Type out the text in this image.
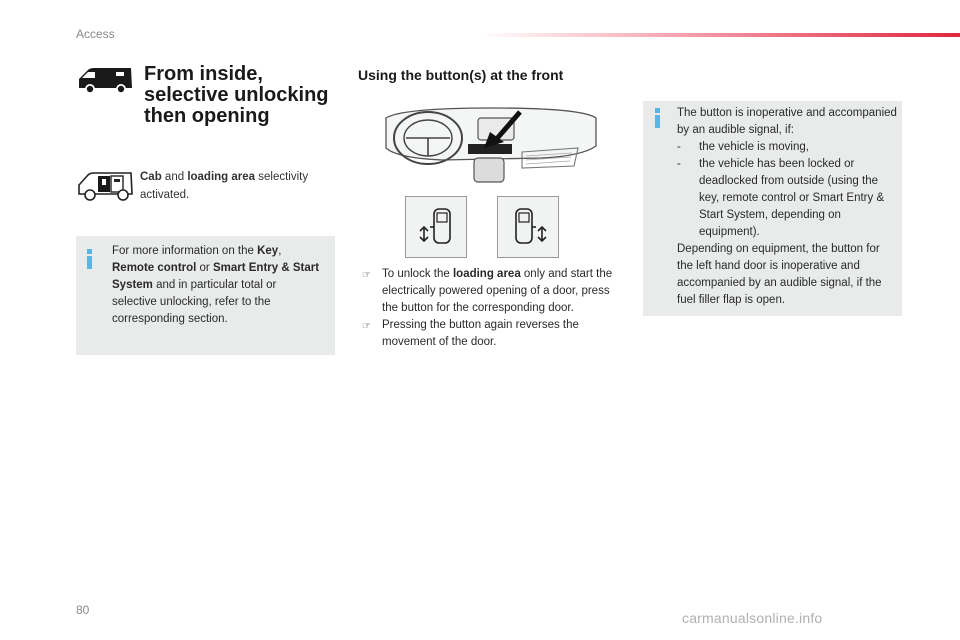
Access
From inside,
selective unlocking
then opening
Cab and loading area selectivity activated.
For more information on the Key, Remote control or Smart Entry & Start System and in particular total or selective unlocking, refer to the corresponding section.
Using the button(s) at the front
☞ To unlock the loading area only and start the electrically powered opening of a door, press the button for the corresponding door.
☞ Pressing the button again reverses the movement of the door.
The button is inoperative and accompanied by an audible signal, if:
-	the vehicle is moving,
-	the vehicle has been locked or deadlocked from outside (using the key, remote control or Smart Entry & Start System, depending on equipment).
Depending on equipment, the button for the left hand door is inoperative and accompanied by an audible signal, if the fuel filler flap is open.
80	carmanualsonline.info
